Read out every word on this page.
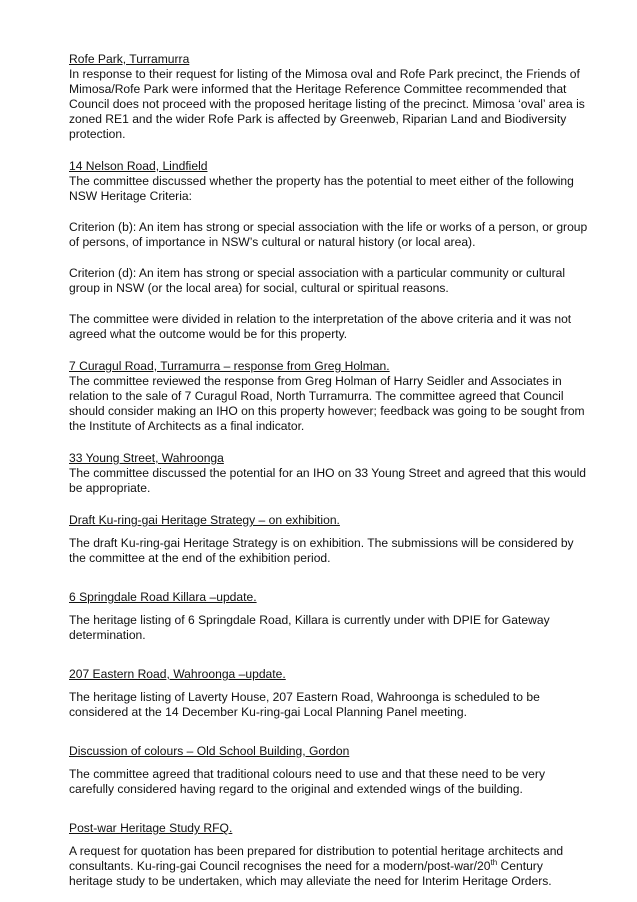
Rofe Park, Turramurra

In response to their request for listing of the Mimosa oval and Rofe Park precinct, the Friends of Mimosa/Rofe Park were informed that the Heritage Reference Committee recommended that Council does not proceed with the proposed heritage listing of the precinct. Mimosa ‘oval’ area is zoned RE1 and the wider Rofe Park is affected by Greenweb, Riparian Land and Biodiversity protection.

14 Nelson Road, Lindfield

The committee discussed whether the property has the potential to meet either of the following NSW Heritage Criteria:

Criterion (b): An item has strong or special association with the life or works of a person, or group of persons, of importance in NSW’s cultural or natural history (or local area).

Criterion (d): An item has strong or special association with a particular community or cultural group in NSW (or the local area) for social, cultural or spiritual reasons.

The committee were divided in relation to the interpretation of the above criteria and it was not agreed what the outcome would be for this property.

7 Curagul Road, Turramurra – response from Greg Holman.

The committee reviewed the response from Greg Holman of Harry Seidler and Associates in relation to the sale of 7 Curagul Road, North Turramurra. The committee agreed that Council should consider making an IHO on this property however; feedback was going to be sought from the Institute of Architects as a final indicator.

33 Young Street, Wahroonga

The committee discussed the potential for an IHO on 33 Young Street and agreed that this would be appropriate.

Draft Ku-ring-gai Heritage Strategy – on exhibition.

The draft Ku-ring-gai Heritage Strategy is on exhibition. The submissions will be considered by the committee at the end of the exhibition period.

6 Springdale Road Killara –update.

The heritage listing of 6 Springdale Road, Killara is currently under with DPIE for Gateway determination.

207 Eastern Road, Wahroonga –update.

The heritage listing of Laverty House, 207 Eastern Road, Wahroonga is scheduled to be considered at the 14 December Ku-ring-gai Local Planning Panel meeting.

Discussion of colours – Old School Building, Gordon

The committee agreed that traditional colours need to use and that these need to be very carefully considered having regard to the original and extended wings of the building.

Post-war Heritage Study RFQ.

A request for quotation has been prepared for distribution to potential heritage architects and consultants. Ku-ring-gai Council recognises the need for a modern/post-war/20th Century heritage study to be undertaken, which may alleviate the need for Interim Heritage Orders.
